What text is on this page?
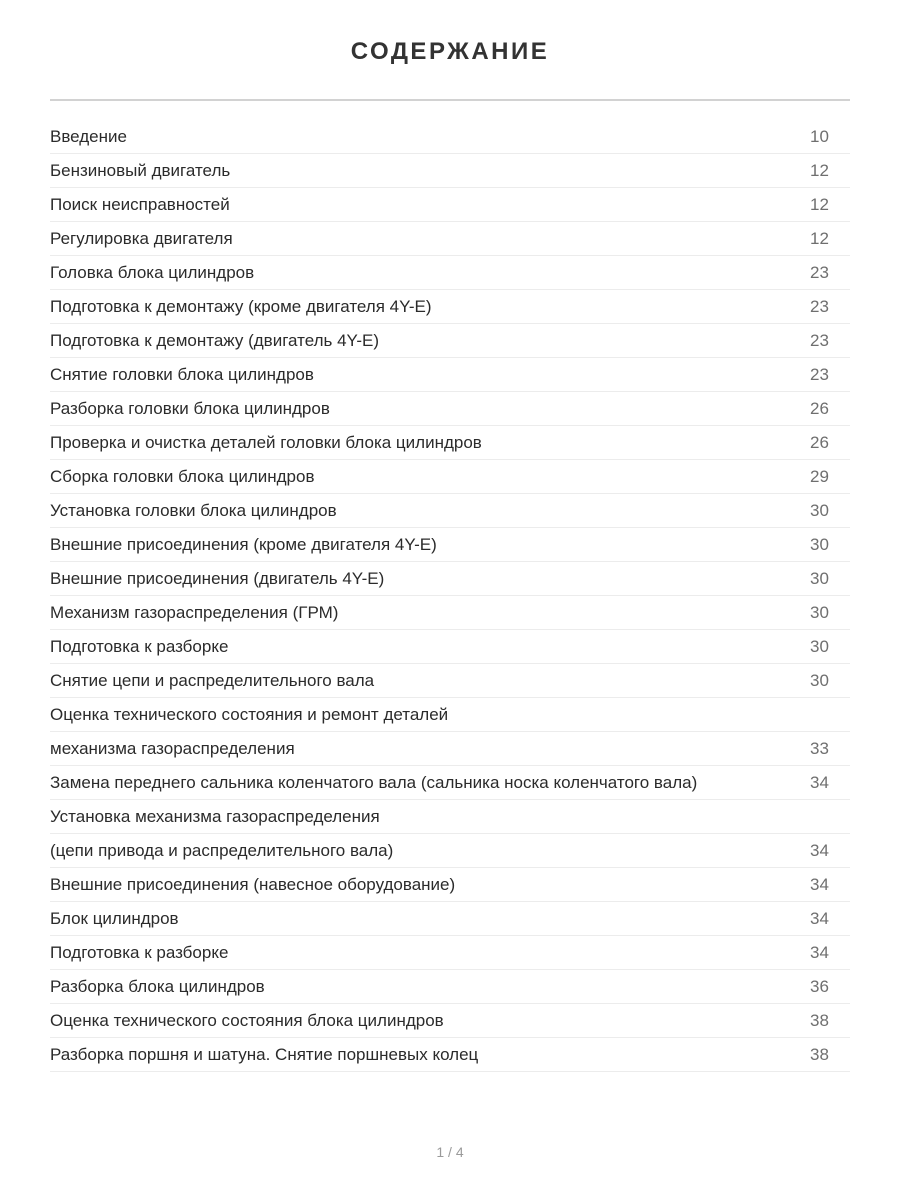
СОДЕРЖАНИЕ
Введение	10
Бензиновый двигатель	12
Поиск неисправностей	12
Регулировка двигателя	12
Головка блока цилиндров	23
Подготовка к демонтажу (кроме двигателя 4Y-E)	23
Подготовка к демонтажу (двигатель 4Y-E)	23
Снятие головки блока цилиндров	23
Разборка головки блока цилиндров	26
Проверка и очистка деталей головки блока цилиндров	26
Сборка головки блока цилиндров	29
Установка головки блока цилиндров	30
Внешние присоединения (кроме двигателя 4Y-E)	30
Внешние присоединения (двигатель 4Y-E)	30
Механизм газораспределения (ГРМ)	30
Подготовка к разборке	30
Снятие цепи и распределительного вала	30
Оценка технического состояния и ремонт деталей
механизма газораспределения	33
Замена переднего сальника коленчатого вала (сальника носка коленчатого вала)	34
Установка механизма газораспределения
(цепи привода и распределительного вала)	34
Внешние присоединения (навесное оборудование)	34
Блок цилиндров	34
Подготовка к разборке	34
Разборка блока цилиндров	36
Оценка технического состояния блока цилиндров	38
Разборка поршня и шатуна. Снятие поршневых колец	38
1 / 4
